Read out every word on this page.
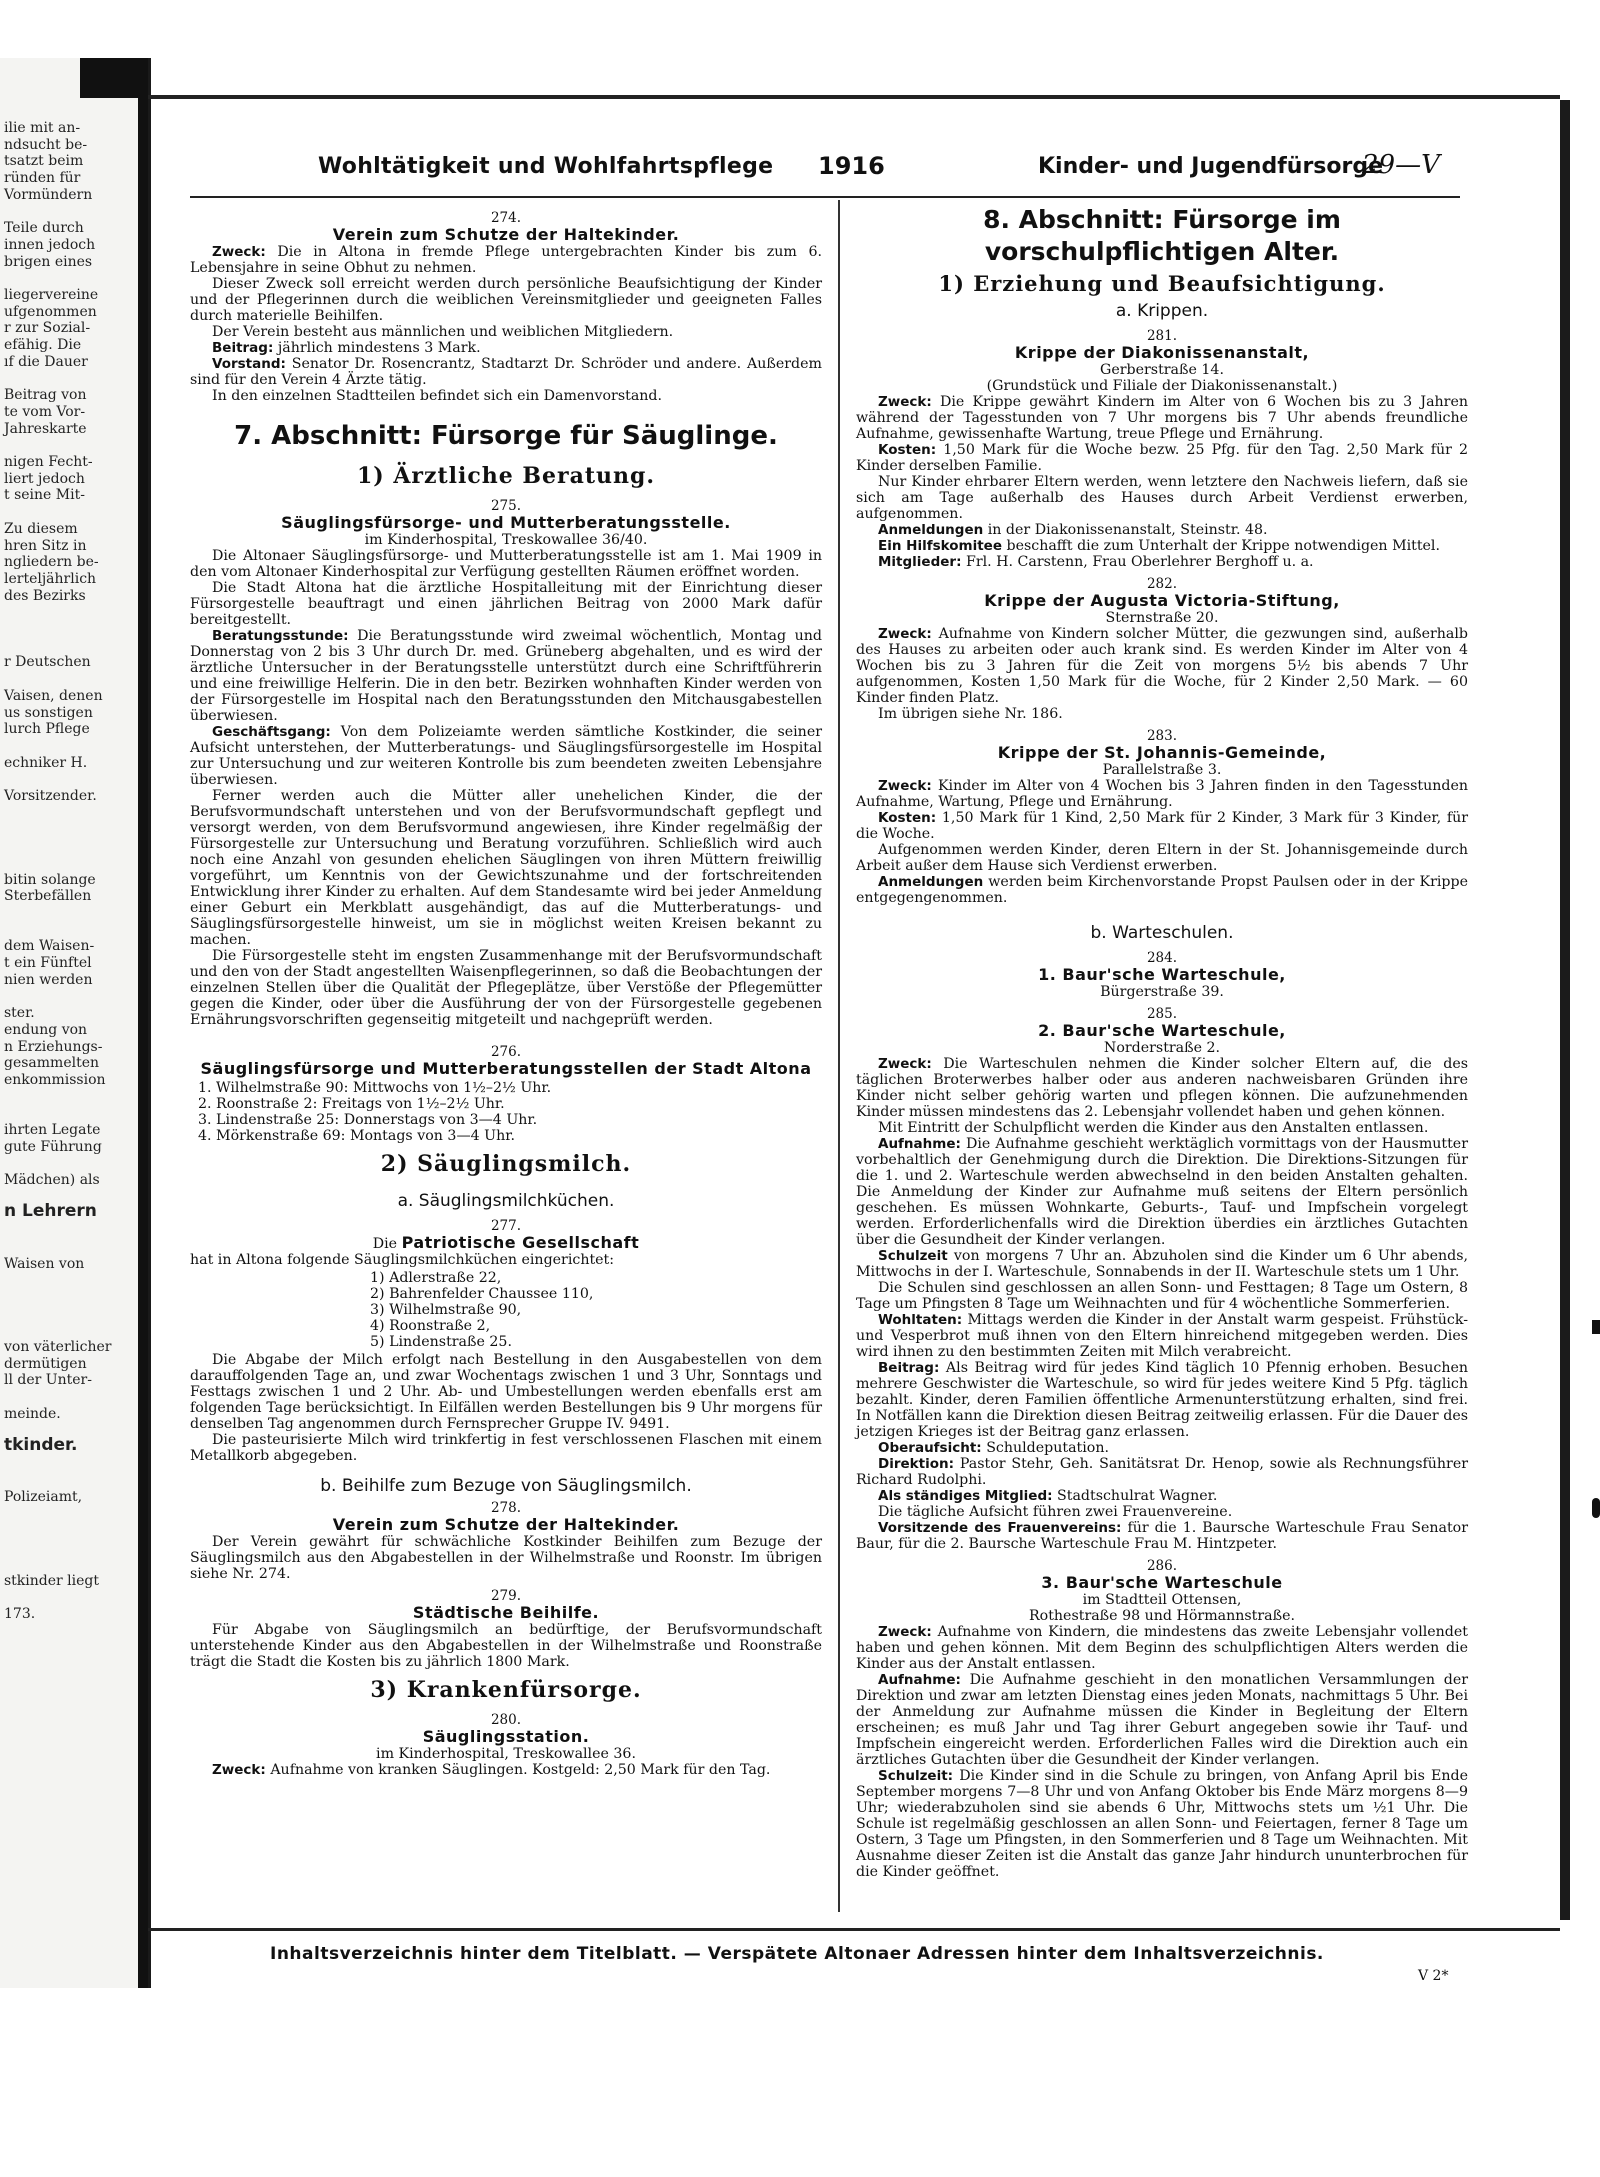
ilie mit an-
ndsucht be-
tsatzt beim
ründen für
Vormündern
Teile durch
innen jedoch
brigen eines
liegervereine
ufgenommen
r zur Sozial-
efähig. Die
ıf die Dauer
Beitrag von
te vom Vor-
Jahreskarte
nigen Fecht-
liert jedoch
t seine Mit-
Zu diesem
hren Sitz in
ngliedern be-
lertelјährlich
des Bezirks
r Deutschen
Vaisen, denen
us sonstigen
lurch Pflege
echniker H.
Vorsitzender.
bitin solange
Sterbefällen
dem Waisen-
t ein Fünftel
nien werden
ster.
endung von
n Erziehungs-
gesammelten
enkommission
ihrten Legate
gute Führung
Mädchen) als
n Lehrern
Waisen von
von väterlicher
dermütigen
ll der Unter-
meinde.
tkinder.
Polizeiamt,
stkinder liegt
173.
Wohltätigkeit und Wohlfahrtspflege 1916	Kinder- und Jugendfürsorge
29—V
274.
Verein zum Schutze der Haltekinder.

Zweck: Die in Altona in fremde Pflege untergebrachten Kinder bis zum 6. Lebensjahre in seine Obhut zu nehmen.

Dieser Zweck soll erreicht werden durch persönliche Beaufsichtigung der Kinder und der Pflegerinnen durch die weiblichen Vereinsmitglieder und geeigneten Falles durch materielle Beihilfen.

Der Verein besteht aus männlichen und weiblichen Mitgliedern.

Beitrag: jährlich mindestens 3 Mark.

Vorstand: Senator Dr. Rosencrantz, Stadtarzt Dr. Schröder und andere. Außerdem sind für den Verein 4 Ärzte tätig.

In den einzelnen Stadtteilen befindet sich ein Damenvorstand.

7. Abschnitt: Fürsorge für Säuglinge.
1) Ärztliche Beratung.
275.
Säuglingsfürsorge- und Mutterberatungsstelle.
im Kinderhospital, Treskowallee 36/40.

Die Altonaer Säuglingsfürsorge- und Mutterberatungsstelle ist am 1. Mai 1909 in den vom Altonaer Kinderhospital zur Verfügung gestellten Räumen eröffnet worden.

Die Stadt Altona hat die ärztliche Hospitalleitung mit der Einrichtung dieser Fürsorgestelle beauftragt und einen jährlichen Beitrag von 2000 Mark dafür bereitgestellt.

Beratungsstunde: Die Beratungsstunde wird zweimal wöchentlich, Montag und Donnerstag von 2 bis 3 Uhr durch Dr. med. Grüneberg abgehalten, und es wird der ärztliche Untersucher in der Beratungsstelle unterstützt durch eine Schriftführerin und eine freiwillige Helferin. Die in den betr. Bezirken wohnhaften Kinder werden von der Fürsorgestelle im Hospital nach den Beratungsstunden den Mitchausgabestellen überwiesen.

Geschäftsgang: Von dem Polizeiamte werden sämtliche Kostkinder, die seiner Aufsicht unterstehen, der Mutterberatungs- und Säuglingsfürsorgestelle im Hospital zur Untersuchung und zur weiteren Kontrolle bis zum beendeten zweiten Lebensjahre überwiesen.

Ferner werden auch die Mütter aller unehelichen Kinder, die der Berufsvormundschaft unterstehen und von der Berufsvormundschaft gepflegt und versorgt werden, von dem Berufsvormund angewiesen, ihre Kinder regelmäßig der Fürsorgestelle zur Untersuchung und Beratung vorzuführen. Schließlich wird auch noch eine Anzahl von gesunden ehelichen Säuglingen von ihren Müttern freiwillig vorgeführt, um Kenntnis von der Gewichtszunahme und der fortschreitenden Entwicklung ihrer Kinder zu erhalten. Auf dem Standesamte wird bei jeder Anmeldung einer Geburt ein Merkblatt ausgehändigt, das auf die Mutterberatungs- und Säuglingsfürsorgestelle hinweist, um sie in möglichst weiten Kreisen bekannt zu machen.

Die Fürsorgestelle steht im engsten Zusammenhange mit der Berufsvormundschaft und den von der Stadt angestellten Waisenpflegerinnen, so daß die Beobachtungen der einzelnen Stellen über die Qualität der Pflegeplätze, über Verstöße der Pflegemütter gegen die Kinder, oder über die Ausführung der von der Fürsorgestelle gegebenen Ernährungsvorschriften gegenseitig mitgeteilt und nachgeprüft werden.

276.
Säuglingsfürsorge und Mutterberatungsstellen der Stadt Altona
1. Wilhelmstraße 90: Mittwochs von 1½–2½ Uhr.
2. Roonstraße 2: Freitags von 1½–2½ Uhr.
3. Lindenstraße 25: Donnerstags von 3—4 Uhr.
4. Mörkenstraße 69: Montags von 3—4 Uhr.
2) Säuglingsmilch.
a. Säuglingsmilchküchen.
277.
Die Patriotische Gesellschaft

hat in Altona folgende Säuglingsmilchküchen eingerichtet:

1) Adlerstraße 22,
2) Bahrenfelder Chaussee 110,
3) Wilhelmstraße 90,
4) Roonstraße 2,
5) Lindenstraße 25.

Die Abgabe der Milch erfolgt nach Bestellung in den Ausgabestellen von dem darauffolgenden Tage an, und zwar Wochentags zwischen 1 und 3 Uhr, Sonntags und Festtags zwischen 1 und 2 Uhr. Ab- und Umbestellungen werden ebenfalls erst am folgenden Tage berücksichtigt. In Eilfällen werden Bestellungen bis 9 Uhr morgens für denselben Tag angenommen durch Fernsprecher Gruppe IV. 9491.

Die pasteurisierte Milch wird trinkfertig in fest verschlossenen Flaschen mit einem Metallkorb abgegeben.

b. Beihilfe zum Bezuge von Säuglingsmilch.
278.
Verein zum Schutze der Haltekinder.

Der Verein gewährt für schwächliche Kostkinder Beihilfen zum Bezuge der Säuglingsmilch aus den Abgabestellen in der Wilhelmstraße und Roonstr. Im übrigen siehe Nr. 274.

279.
Städtische Beihilfe.

Für Abgabe von Säuglingsmilch an bedürftige, der Berufsvormundschaft unterstehende Kinder aus den Abgabestellen in der Wilhelmstraße und Roonstraße trägt die Stadt die Kosten bis zu jährlich 1800 Mark.

3) Krankenfürsorge.
280.
Säuglingsstation.
im Kinderhospital, Treskowallee 36.

Zweck: Aufnahme von kranken Säuglingen. Kostgeld: 2,50 Mark für den Tag.

8. Abschnitt: Fürsorge im vorschulpflichtigen Alter.
1) Erziehung und Beaufsichtigung.
a. Krippen.
281.
Krippe der Diakonissenanstalt,
Gerberstraße 14.
(Grundstück und Filiale der Diakonissenanstalt.)

Zweck: Die Krippe gewährt Kindern im Alter von 6 Wochen bis zu 3 Jahren während der Tagesstunden von 7 Uhr morgens bis 7 Uhr abends freundliche Aufnahme, gewissenhafte Wartung, treue Pflege und Ernährung.

Kosten: 1,50 Mark für die Woche bezw. 25 Pfg. für den Tag. 2,50 Mark für 2 Kinder derselben Familie.

Nur Kinder ehrbarer Eltern werden, wenn letztere den Nachweis liefern, daß sie sich am Tage außerhalb des Hauses durch Arbeit Verdienst erwerben, aufgenommen.

Anmeldungen in der Diakonissenanstalt, Steinstr. 48.

Ein Hilfskomitee beschafft die zum Unterhalt der Krippe notwendigen Mittel.

Mitglieder: Frl. H. Carstenn, Frau Oberlehrer Berghoff u. a.

282.
Krippe der Augusta Victoria-Stiftung,
Sternstraße 20.

Zweck: Aufnahme von Kindern solcher Mütter, die gezwungen sind, außerhalb des Hauses zu arbeiten oder auch krank sind. Es werden Kinder im Alter von 4 Wochen bis zu 3 Jahren für die Zeit von morgens 5½ bis abends 7 Uhr aufgenommen, Kosten 1,50 Mark für die Woche, für 2 Kinder 2,50 Mark. — 60 Kinder finden Platz.

Im übrigen siehe Nr. 186.

283.
Krippe der St. Johannis-Gemeinde,
Parallelstraße 3.

Zweck: Kinder im Alter von 4 Wochen bis 3 Jahren finden in den Tagesstunden Aufnahme, Wartung, Pflege und Ernährung.

Kosten: 1,50 Mark für 1 Kind, 2,50 Mark für 2 Kinder, 3 Mark für 3 Kinder, für die Woche.

Aufgenommen werden Kinder, deren Eltern in der St. Johannisgemeinde durch Arbeit außer dem Hause sich Verdienst erwerben.

Anmeldungen werden beim Kirchenvorstande Propst Paulsen oder in der Krippe entgegengenommen.

b. Warteschulen.
284.
1. Baur'sche Warteschule,
Bürgerstraße 39.
285.
2. Baur'sche Warteschule,
Norderstraße 2.

Zweck: Die Warteschulen nehmen die Kinder solcher Eltern auf, die des täglichen Broterwerbes halber oder aus anderen nachweisbaren Gründen ihre Kinder nicht selber gehörig warten und pflegen können. Die aufzunehmenden Kinder müssen mindestens das 2. Lebensjahr vollendet haben und gehen können.

Mit Eintritt der Schulpflicht werden die Kinder aus den Anstalten entlassen.

Aufnahme: Die Aufnahme geschieht werktäglich vormittags von der Hausmutter vorbehaltlich der Genehmigung durch die Direktion. Die Direktions-Sitzungen für die 1. und 2. Warteschule werden abwechselnd in den beiden Anstalten gehalten. Die Anmeldung der Kinder zur Aufnahme muß seitens der Eltern persönlich geschehen. Es müssen Wohnkarte, Geburts-, Tauf- und Impfschein vorgelegt werden. Erforderlichenfalls wird die Direktion überdies ein ärztliches Gutachten über die Gesundheit der Kinder verlangen.

Schulzeit von morgens 7 Uhr an. Abzuholen sind die Kinder um 6 Uhr abends, Mittwochs in der I. Warteschule, Sonnabends in der II. Warteschule stets um 1 Uhr.

Die Schulen sind geschlossen an allen Sonn- und Festtagen; 8 Tage um Ostern, 8 Tage um Pfingsten 8 Tage um Weihnachten und für 4 wöchentliche Sommerferien.

Wohltaten: Mittags werden die Kinder in der Anstalt warm gespeist. Frühstück- und Vesperbrot muß ihnen von den Eltern hinreichend mitgegeben werden. Dies wird ihnen zu den bestimmten Zeiten mit Milch verabreicht.

Beitrag: Als Beitrag wird für jedes Kind täglich 10 Pfennig erhoben. Besuchen mehrere Geschwister die Warteschule, so wird für jedes weitere Kind 5 Pfg. täglich bezahlt. Kinder, deren Familien öffentliche Armenunterstützung erhalten, sind frei. In Notfällen kann die Direktion diesen Beitrag zeitweilig erlassen. Für die Dauer des jetzigen Krieges ist der Beitrag ganz erlassen.

Oberaufsicht: Schuldeputation.

Direktion: Pastor Stehr, Geh. Sanitätsrat Dr. Henop, sowie als Rechnungsführer Richard Rudolphi.

Als ständiges Mitglied: Stadtschulrat Wagner.

Die tägliche Aufsicht führen zwei Frauenvereine.

Vorsitzende des Frauenvereins: für die 1. Baursche Warteschule Frau Senator Baur, für die 2. Baursche Warteschule Frau M. Hintzpeter.

286.
3. Baur'sche Warteschule
im Stadtteil Ottensen,
Rothestraße 98 und Hörmannstraße.

Zweck: Aufnahme von Kindern, die mindestens das zweite Lebensjahr vollendet haben und gehen können. Mit dem Beginn des schulpflichtigen Alters werden die Kinder aus der Anstalt entlassen.

Aufnahme: Die Aufnahme geschieht in den monatlichen Versammlungen der Direktion und zwar am letzten Dienstag eines jeden Monats, nachmittags 5 Uhr. Bei der Anmeldung zur Aufnahme müssen die Kinder in Begleitung der Eltern erscheinen; es muß Jahr und Tag ihrer Geburt angegeben sowie ihr Tauf- und Impfschein eingereicht werden. Erforderlichen Falles wird die Direktion auch ein ärztliches Gutachten über die Gesundheit der Kinder verlangen.

Schulzeit: Die Kinder sind in die Schule zu bringen, von Anfang April bis Ende September morgens 7—8 Uhr und von Anfang Oktober bis Ende März morgens 8—9 Uhr; wiederabzuholen sind sie abends 6 Uhr, Mittwochs stets um ½1 Uhr. Die Schule ist regelmäßig geschlossen an allen Sonn- und Feiertagen, ferner 8 Tage um Ostern, 3 Tage um Pfingsten, in den Sommerferien und 8 Tage um Weihnachten. Mit Ausnahme dieser Zeiten ist die Anstalt das ganze Jahr hindurch ununterbrochen für die Kinder geöffnet.

Inhaltsverzeichnis hinter dem Titelblatt. — Verspätete Altonaer Adressen hinter dem Inhaltsverzeichnis.
V 2*
